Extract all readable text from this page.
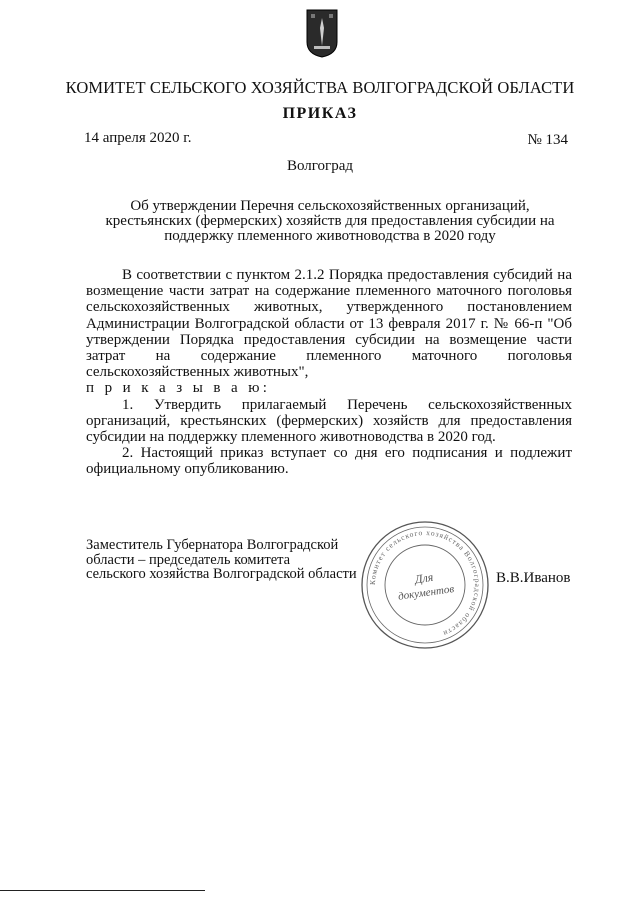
КОМИТЕТ СЕЛЬСКОГО ХОЗЯЙСТВА ВОЛГОГРАДСКОЙ ОБЛАСТИ
ПРИКАЗ
14 апреля 2020 г.	№ 134
Волгоград
Об утверждении Перечня сельскохозяйственных организаций,
крестьянских (фермерских) хозяйств для предоставления субсидии на
поддержку племенного животноводства в 2020 году

В соответствии с пунктом 2.1.2 Порядка предоставления субсидий на возмещение части затрат на содержание племенного маточного поголовья сельскохозяйственных животных, утвержденного постановлением Администрации Волгоградской области от 13 февраля 2017 г. № 66-п "Об утверждении Порядка предоставления субсидии на возмещение части затрат на содержание племенного маточного поголовья сельскохозяйственных животных",

п р и к а з ы в а ю:

1. Утвердить прилагаемый Перечень сельскохозяйственных организаций, крестьянских (фермерских) хозяйств для предоставления субсидии на поддержку племенного животноводства в 2020 год.

2. Настоящий приказ вступает со дня его подписания и подлежит официальному опубликованию.

Заместитель Губернатора Волгоградской
области – председатель комитета
сельского хозяйства Волгоградской области
Комитет сельского хозяйства Волгоградской области
Для
документов
В.В.Иванов
